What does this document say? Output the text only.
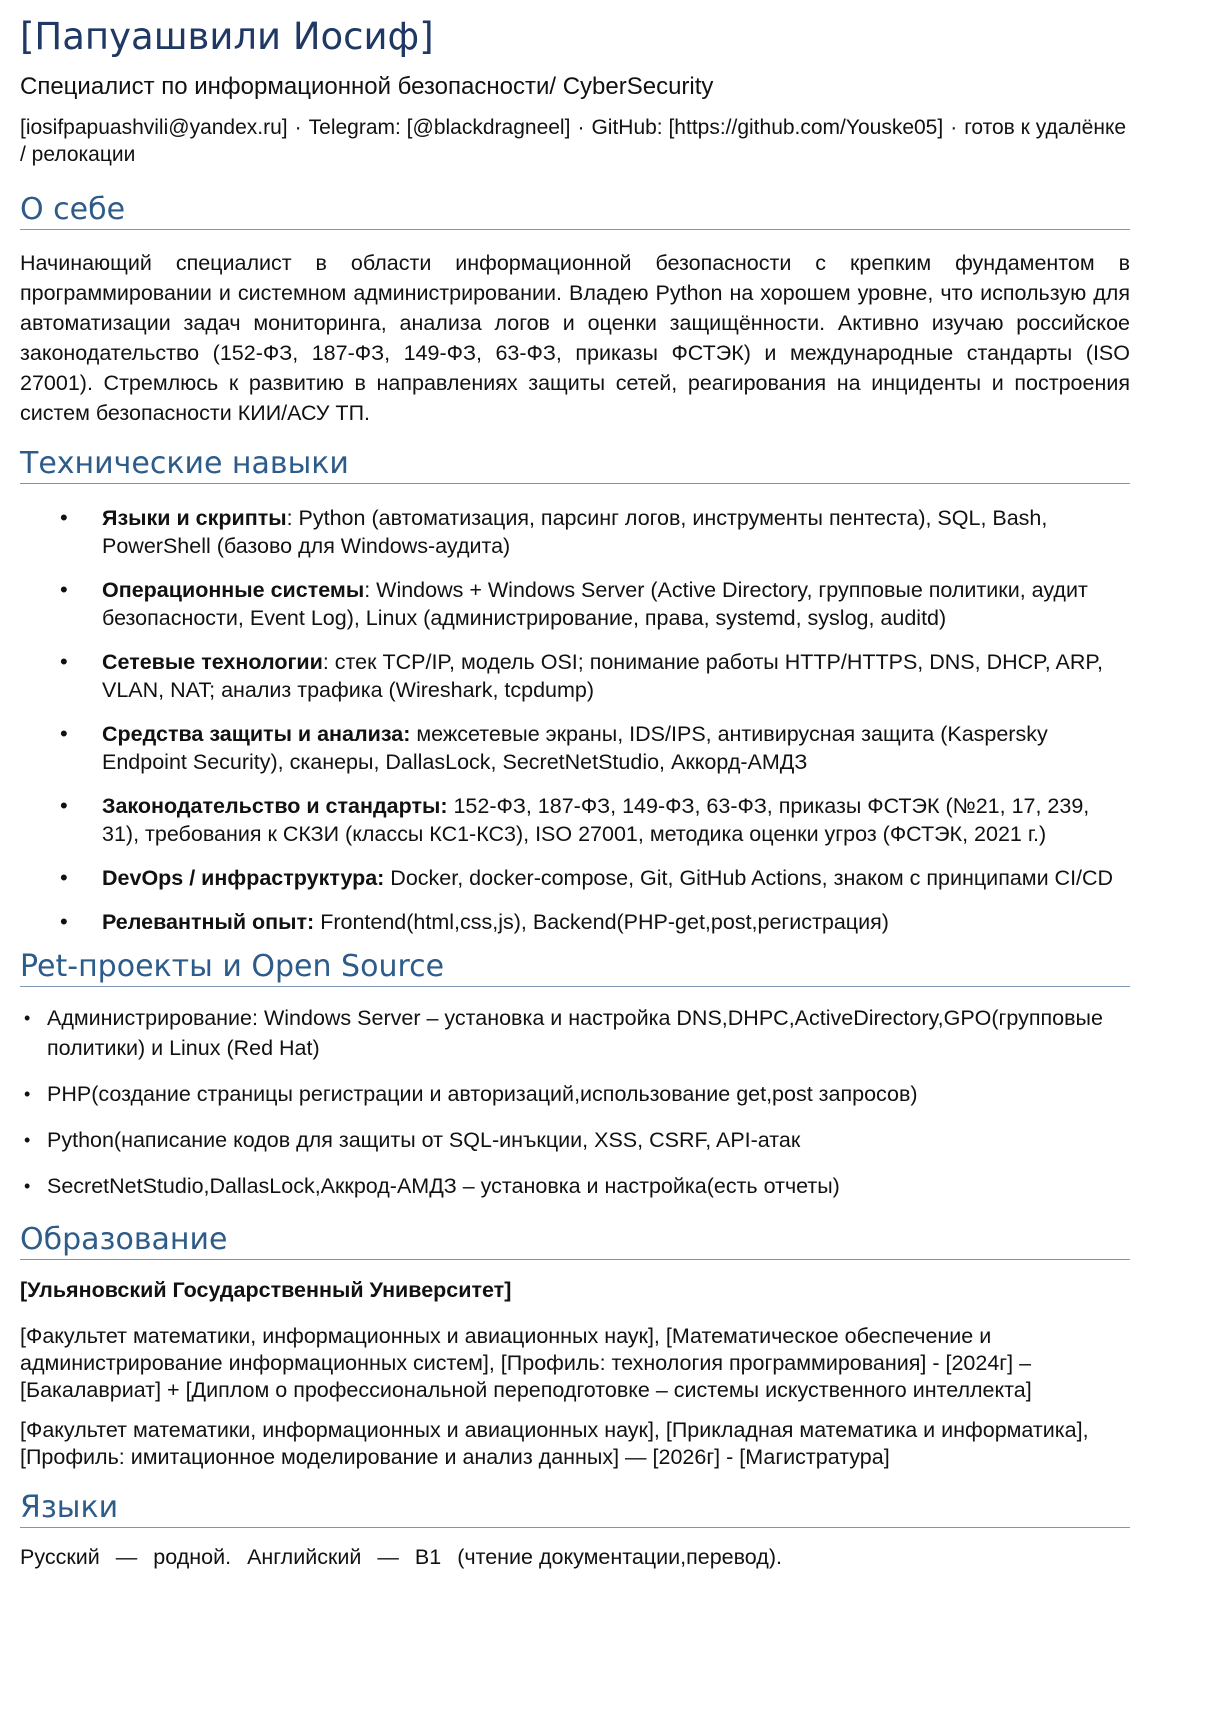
[Папуашвили Иосиф]

Специалист по информационной безопасности/ CyberSecurity

[iosifpapuashvili@yandex.ru] · Telegram: [@blackdragneel] · GitHub: [https://github.com/Youske05] · готов к удалёнке / релокации

О себе

Начинающий специалист в области информационной безопасности с крепким фундаментом в программировании и системном администрировании. Владею Python на хорошем уровне, что использую для автоматизации задач мониторинга, анализа логов и оценки защищённости. Активно изучаю российское законодательство (152-ФЗ, 187-ФЗ, 149-ФЗ, 63-ФЗ, приказы ФСТЭК) и международные стандарты (ISO 27001). Стремлюсь к развитию в направлениях защиты сетей, реагирования на инциденты и построения систем безопасности КИИ/АСУ ТП.

Технические навыки
• Языки и скрипты: Python (автоматизация, парсинг логов, инструменты пентеста), SQL, Bash, PowerShell (базово для Windows-аудита)
• Операционные системы: Windows + Windows Server (Active Directory, групповые политики, аудит безопасности, Event Log), Linux (администрирование, права, systemd, syslog, auditd)
• Сетевые технологии: стек TCP/IP, модель OSI; понимание работы HTTP/HTTPS, DNS, DHCP, ARP, VLAN, NAT; анализ трафика (Wireshark, tcpdump)
• Средства защиты и анализа: межсетевые экраны, IDS/IPS, антивирусная защита (Kaspersky Endpoint Security), сканеры, DallasLock, SecretNetStudio, Аккорд-АМДЗ
• Законодательство и стандарты: 152-ФЗ, 187-ФЗ, 149-ФЗ, 63-ФЗ, приказы ФСТЭК (№21, 17, 239, 31), требования к СКЗИ (классы КС1-КС3), ISO 27001, методика оценки угроз (ФСТЭК, 2021 г.)
• DevOps / инфраструктура: Docker, docker-compose, Git, GitHub Actions, знаком с принципами CI/CD
• Релевантный опыт: Frontend(html,css,js), Backend(PHP-get,post,регистрация)
Pet-проекты и Open Source
• Администрирование: Windows Server – установка и настройка DNS,DHPC,ActiveDirectory,GPO(групповые политики) и Linux (Red Hat)
• PHP(создание страницы регистрации и авторизаций,использование get,post запросов)
• Python(написание кодов для защиты от SQL-инъкции, XSS, CSRF, API-атак
• SecretNetStudio,DallasLock,Аккрод-АМДЗ – установка и настройка(есть отчеты)
Образование

[Ульяновский Государственный Университет]

[Факультет математики, информационных и авиационных наук], [Математическое обеспечение и администрирование информационных систем], [Профиль: технология программирования] - [2024г] – [Бакалавриат] + [Диплом о профессиональной переподготовке – системы искуственного интеллекта]

[Факультет математики, информационных и авиационных наук], [Прикладная математика и информатика], [Профиль: имитационное моделирование и анализ данных] — [2026г] - [Магистратура]

Языки

Русский — родной. Английский — B1 (чтение документации,перевод).
